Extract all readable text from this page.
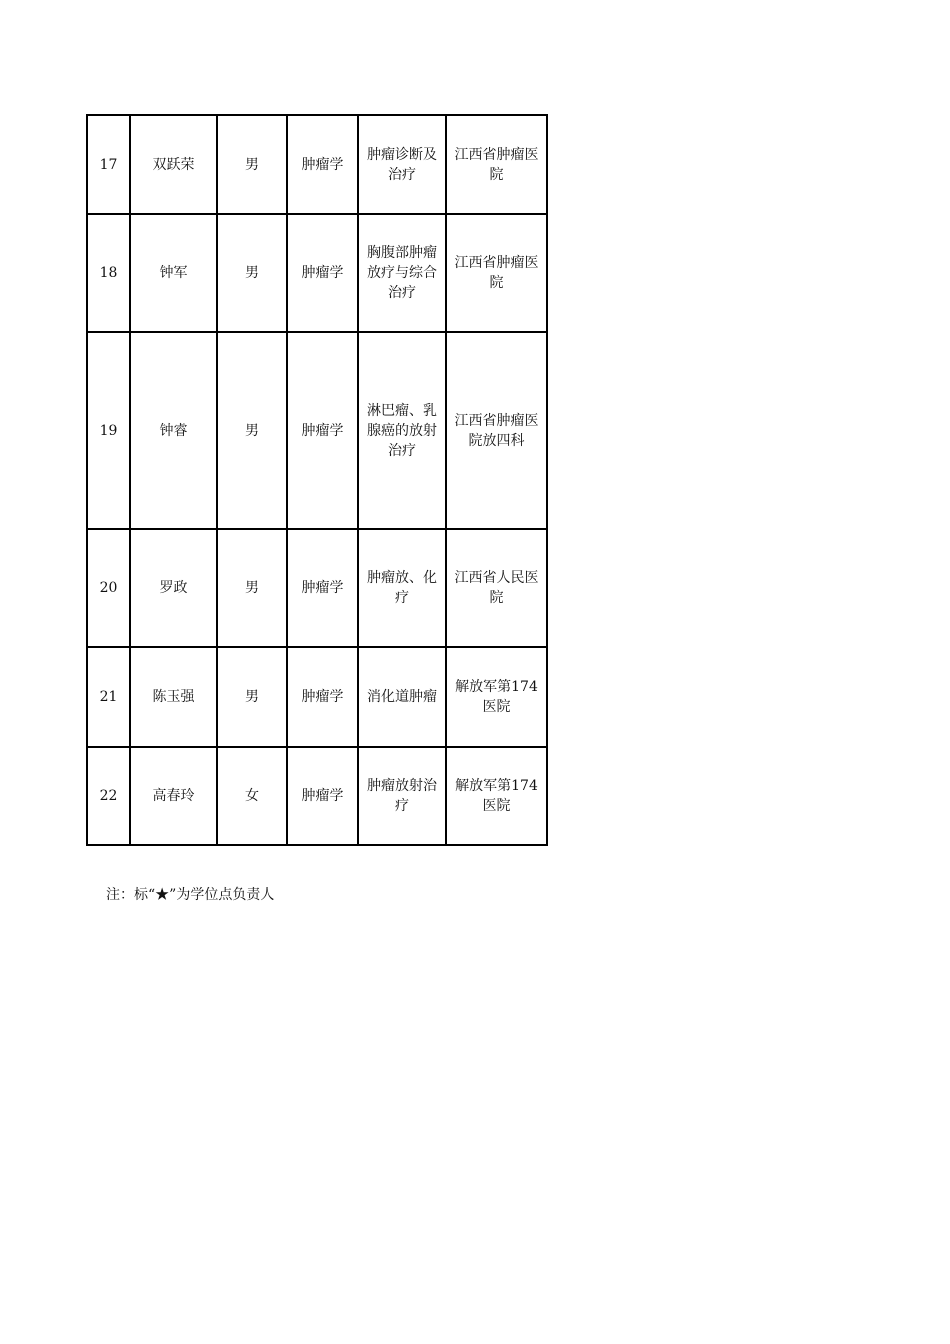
17	双跃荣	男	肿瘤学	肿瘤诊断及治疗	江西省肿瘤医院
18	钟军	男	肿瘤学	胸腹部肿瘤放疗与综合治疗	江西省肿瘤医院
19	钟睿	男	肿瘤学	淋巴瘤、乳腺癌的放射治疗	江西省肿瘤医院放四科
20	罗政	男	肿瘤学	肿瘤放、化疗	江西省人民医院
21	陈玉强	男	肿瘤学	消化道肿瘤	解放军第174医院
22	高春玲	女	肿瘤学	肿瘤放射治疗	解放军第174医院
注：标“★”为学位点负责人
